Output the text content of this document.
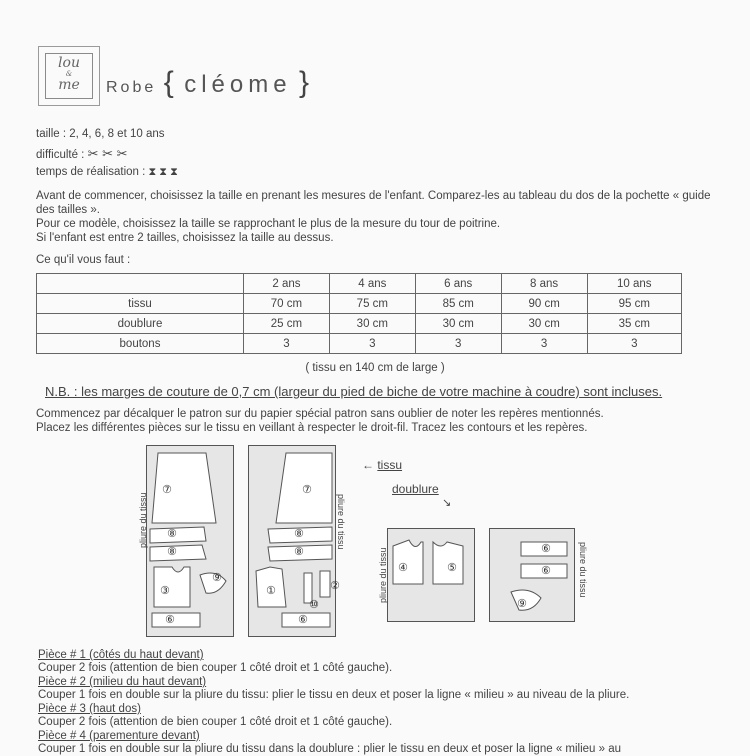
lou
&
me	Robe { cléome }
taille : 2, 4, 6, 8 et 10 ans
difficulté : ✂ ✂ ✂
temps de réalisation : ⧗ ⧗ ⧗
Avant de commencer, choisissez la taille en prenant les mesures de l'enfant. Comparez-les au tableau du dos de la pochette « guide des tailles ».
Pour ce modèle, choisissez la taille se rapprochant le plus de la mesure du tour de poitrine.
Si l'enfant est entre 2 tailles, choisissez la taille au dessus.
Ce qu'il vous faut :
	2 ans	4 ans	6 ans	8 ans	10 ans
tissu	70 cm	75 cm	85 cm	90 cm	95 cm
doublure	25 cm	30 cm	30 cm	30 cm	35 cm
boutons	3	3	3	3	3
( tissu en 140 cm de large )
N.B. : les marges de couture de 0,7 cm (largeur du pied de biche de votre machine à coudre) sont incluses.
Commencez par décalquer le patron sur du papier spécial patron sans oublier de noter les repères mentionnés.
Placez les différentes pièces sur le tissu en veillant à respecter le droit-fil. Tracez les contours et les repères.
⑦
⑧
⑧
③
⑨
⑥
⑦
⑧
⑧
①
⑩
②
⑥
pliure du tissu	pliure du tissu
← tissu
doublure
↘
④	⑤
⑥
⑥
⑨
pliure du tissu	pliure du tissu
Pièce # 1 (côtés du haut devant)
Couper 2 fois (attention de bien couper 1 côté droit et 1 côté gauche).
Pièce # 2 (milieu du haut devant)
Couper 1 fois en double sur la pliure du tissu: plier le tissu en deux et poser la ligne « milieu » au niveau de la pliure.
Pièce # 3 (haut dos)
Couper 2 fois (attention de bien couper 1 côté droit et 1 côté gauche).
Pièce # 4 (parementure devant)
Couper 1 fois en double sur la pliure du tissu dans la doublure : plier le tissu en deux et poser la ligne « milieu » au
